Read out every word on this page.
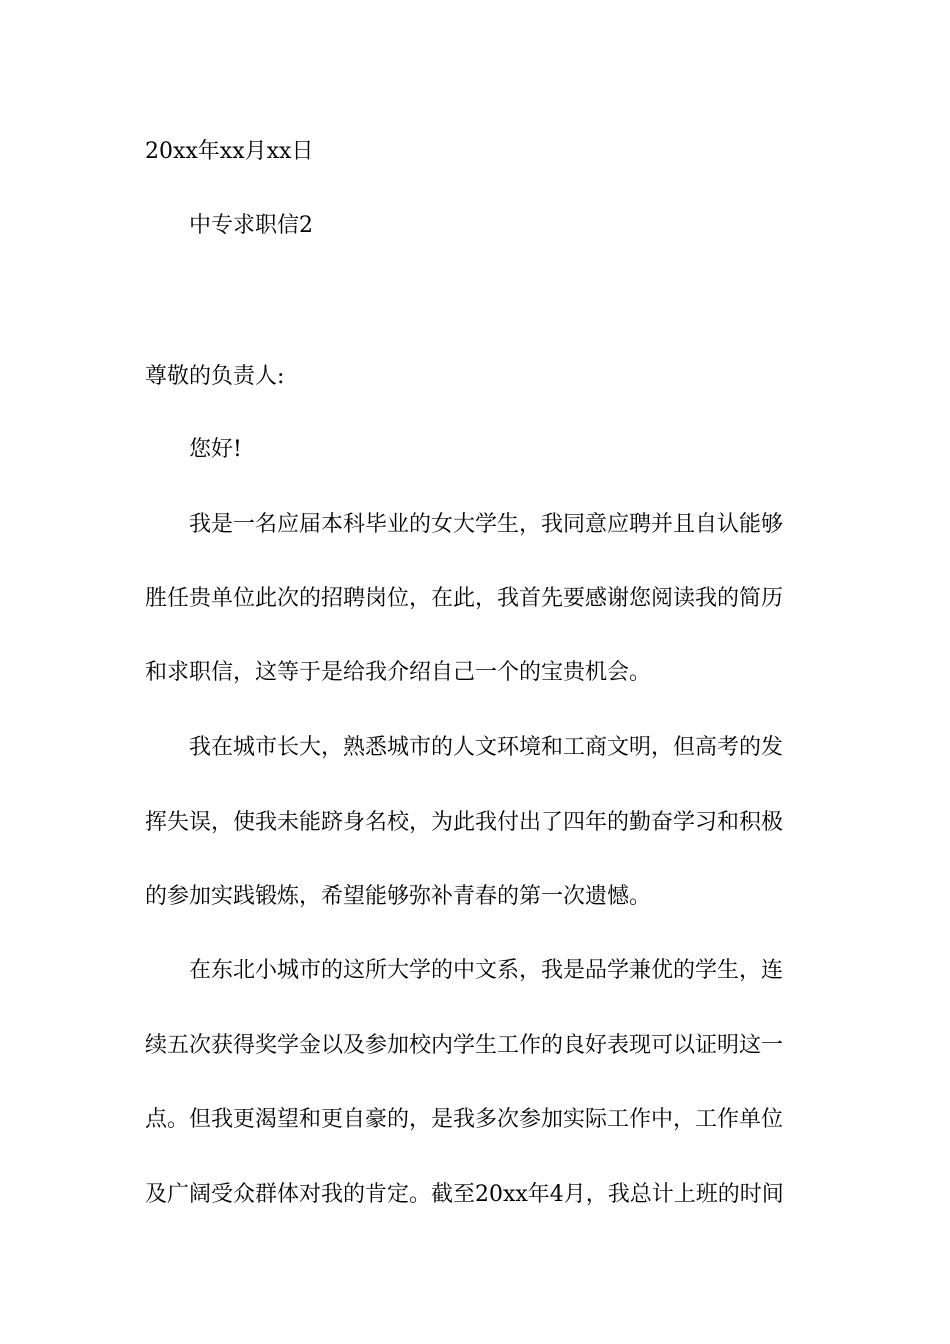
20xx年xx月xx日
中专求职信2
尊敬的负责人:
您好!
我是一名应届本科毕业的女大学生，我同意应聘并且自认能够
胜任贵单位此次的招聘岗位，在此，我首先要感谢您阅读我的简历
和求职信，这等于是给我介绍自己一个的宝贵机会。
我在城市长大，熟悉城市的人文环境和工商文明，但高考的发
挥失误，使我未能跻身名校，为此我付出了四年的勤奋学习和积极
的参加实践锻炼，希望能够弥补青春的第一次遗憾。
在东北小城市的这所大学的中文系，我是品学兼优的学生，连
续五次获得奖学金以及参加校内学生工作的良好表现可以证明这一
点。但我更渴望和更自豪的，是我多次参加实际工作中，工作单位
及广阔受众群体对我的肯定。截至20xx年4月，我总计上班的时间
